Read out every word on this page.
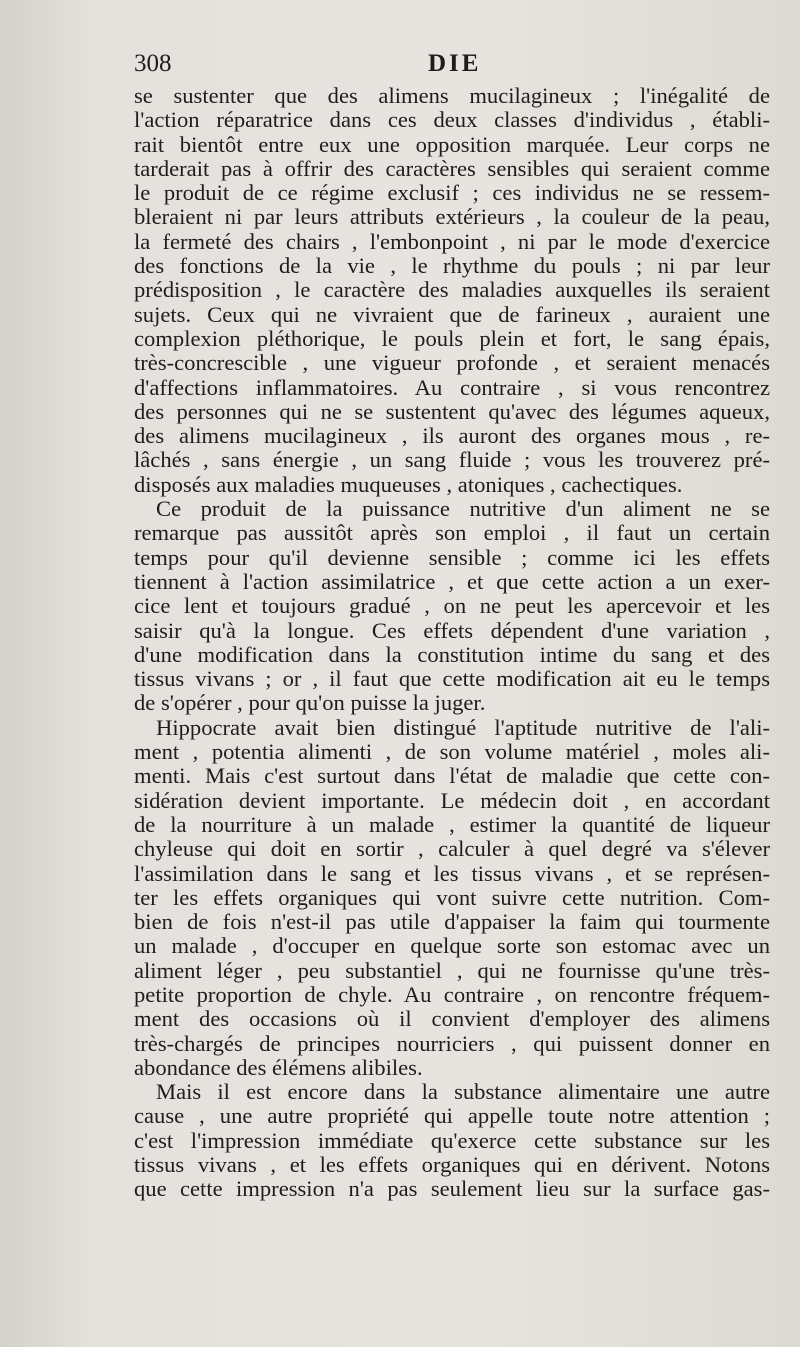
308	DIE
se sustenter que des alimens mucilagineux ; l'inégalité de
l'action réparatrice dans ces deux classes d'individus , établi-
rait bientôt entre eux une opposition marquée. Leur corps ne
tarderait pas à offrir des caractères sensibles qui seraient comme
le produit de ce régime exclusif ; ces individus ne se ressem-
bleraient ni par leurs attributs extérieurs , la couleur de la peau,
la fermeté des chairs , l'embonpoint , ni par le mode d'exercice
des fonctions de la vie , le rhythme du pouls ; ni par leur
prédisposition , le caractère des maladies auxquelles ils seraient
sujets. Ceux qui ne vivraient que de farineux , auraient une
complexion pléthorique, le pouls plein et fort, le sang épais,
très-concrescible , une vigueur profonde , et seraient menacés
d'affections inflammatoires. Au contraire , si vous rencontrez
des personnes qui ne se sustentent qu'avec des légumes aqueux,
des alimens mucilagineux , ils auront des organes mous , re-
lâchés , sans énergie , un sang fluide ; vous les trouverez pré-
disposés aux maladies muqueuses , atoniques , cachectiques.
Ce produit de la puissance nutritive d'un aliment ne se
remarque pas aussitôt après son emploi , il faut un certain
temps pour qu'il devienne sensible ; comme ici les effets
tiennent à l'action assimilatrice , et que cette action a un exer-
cice lent et toujours gradué , on ne peut les apercevoir et les
saisir qu'à la longue. Ces effets dépendent d'une variation ,
d'une modification dans la constitution intime du sang et des
tissus vivans ; or , il faut que cette modification ait eu le temps
de s'opérer , pour qu'on puisse la juger.
Hippocrate avait bien distingué l'aptitude nutritive de l'ali-
ment , potentia alimenti , de son volume matériel , moles ali-
menti. Mais c'est surtout dans l'état de maladie que cette con-
sidération devient importante. Le médecin doit , en accordant
de la nourriture à un malade , estimer la quantité de liqueur
chyleuse qui doit en sortir , calculer à quel degré va s'élever
l'assimilation dans le sang et les tissus vivans , et se représen-
ter les effets organiques qui vont suivre cette nutrition. Com-
bien de fois n'est-il pas utile d'appaiser la faim qui tourmente
un malade , d'occuper en quelque sorte son estomac avec un
aliment léger , peu substantiel , qui ne fournisse qu'une très-
petite proportion de chyle. Au contraire , on rencontre fréquem-
ment des occasions où il convient d'employer des alimens
très-chargés de principes nourriciers , qui puissent donner en
abondance des élémens alibiles.
Mais il est encore dans la substance alimentaire une autre
cause , une autre propriété qui appelle toute notre attention ;
c'est l'impression immédiate qu'exerce cette substance sur les
tissus vivans , et les effets organiques qui en dérivent. Notons
que cette impression n'a pas seulement lieu sur la surface gas-
